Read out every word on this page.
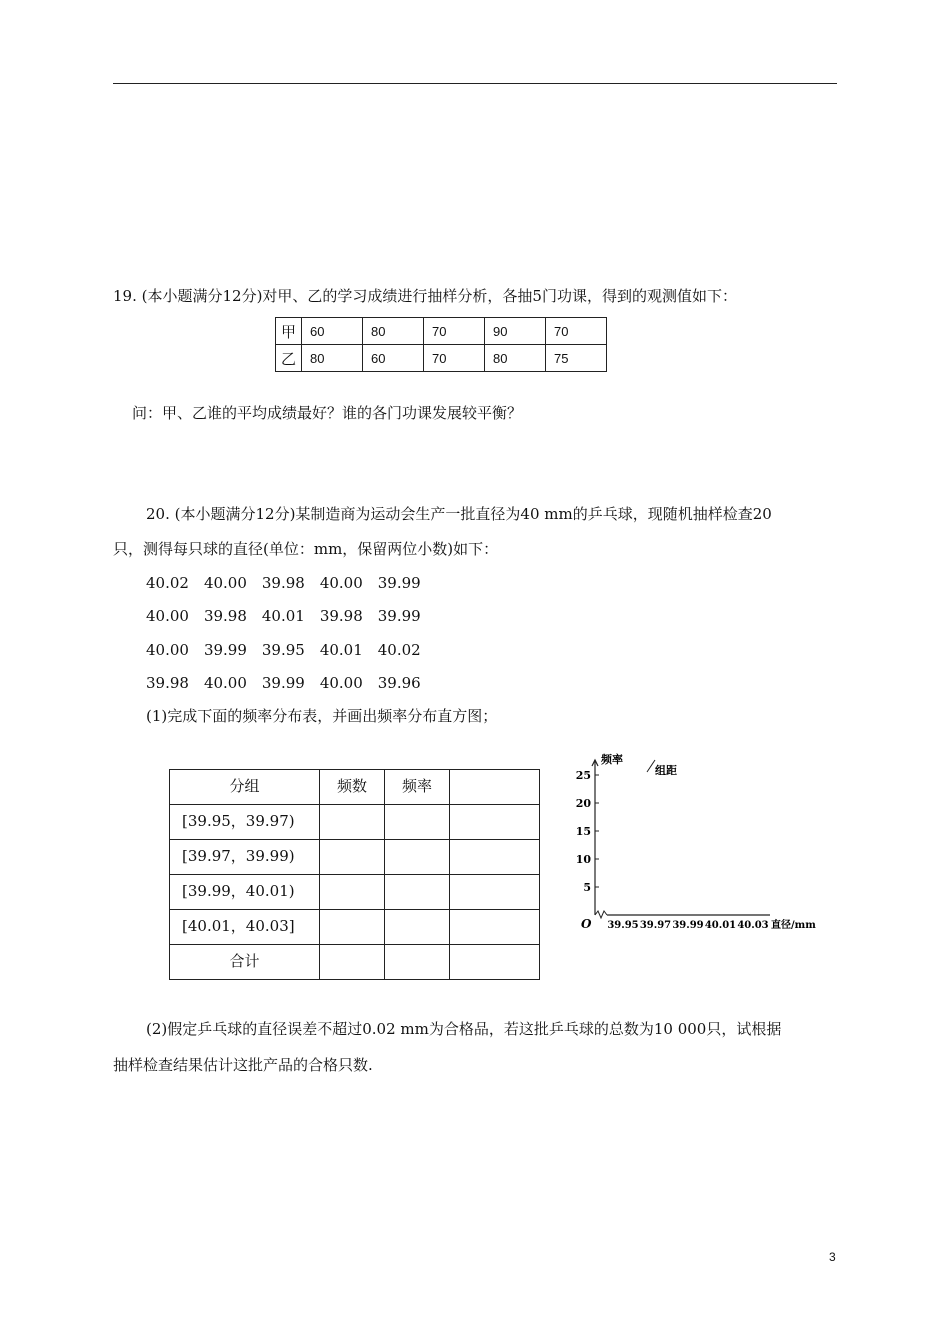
19. (本小题满分12分)对甲、乙的学习成绩进行抽样分析，各抽5门功课，得到的观测值如下：
甲	60	80	70	90	70
乙	80	60	70	80	75
问：甲、乙谁的平均成绩最好？谁的各门功课发展较平衡？
20. (本小题满分12分)某制造商为运动会生产一批直径为40 mm的乒乓球，现随机抽样检查20
只，测得每只球的直径(单位：mm，保留两位小数)如下：
40.02　40.00　39.98　40.00　39.99
40.00　39.98　40.01　39.98　39.99
40.00　39.99　39.95　40.01　40.02
39.98　40.00　39.99　40.00　39.96
(1)完成下面的频率分布表，并画出频率分布直方图；
分组	频数	频率	

[39.95，39.97)			

[39.97，39.99)			

[39.99，40.01)			

[40.01，40.03]			

合计			

频率
组距
5
10
15
20
25
O 39.95 39.97 39.99 40.01 40.03 直径/mm
(2)假定乒乓球的直径误差不超过0.02 mm为合格品，若这批乒乓球的总数为10 000只，试根据
抽样检查结果估计这批产品的合格只数.
3
